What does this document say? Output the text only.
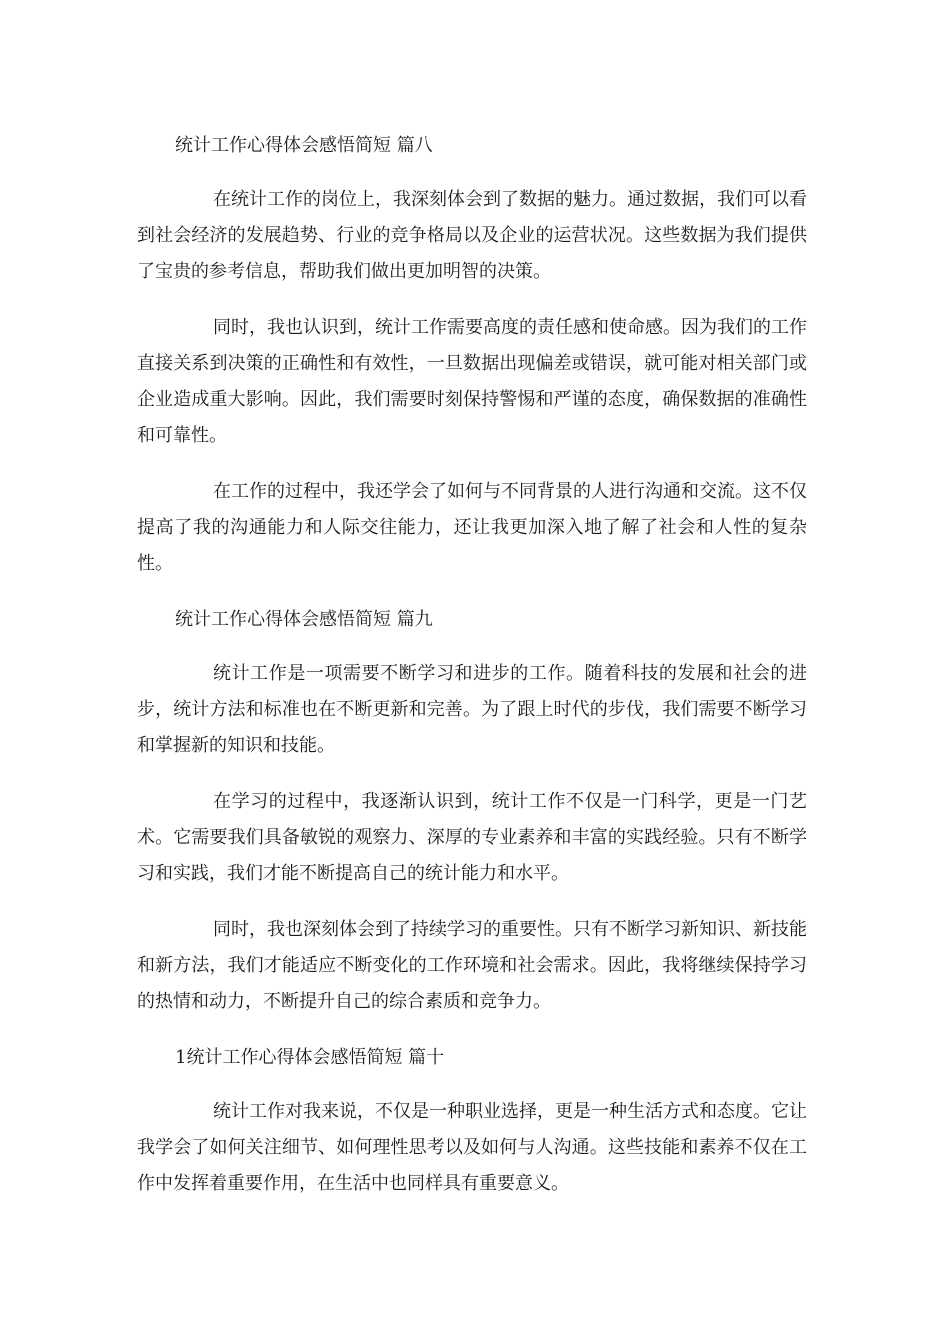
统计工作心得体会感悟简短 篇八

在统计工作的岗位上，我深刻体会到了数据的魅力。通过数据，我们可以看到社会经济的发展趋势、行业的竞争格局以及企业的运营状况。这些数据为我们提供了宝贵的参考信息，帮助我们做出更加明智的决策。

同时，我也认识到，统计工作需要高度的责任感和使命感。因为我们的工作直接关系到决策的正确性和有效性，一旦数据出现偏差或错误，就可能对相关部门或企业造成重大影响。因此，我们需要时刻保持警惕和严谨的态度，确保数据的准确性和可靠性。

在工作的过程中，我还学会了如何与不同背景的人进行沟通和交流。这不仅提高了我的沟通能力和人际交往能力，还让我更加深入地了解了社会和人性的复杂性。

统计工作心得体会感悟简短 篇九

统计工作是一项需要不断学习和进步的工作。随着科技的发展和社会的进步，统计方法和标准也在不断更新和完善。为了跟上时代的步伐，我们需要不断学习和掌握新的知识和技能。

在学习的过程中，我逐渐认识到，统计工作不仅是一门科学，更是一门艺术。它需要我们具备敏锐的观察力、深厚的专业素养和丰富的实践经验。只有不断学习和实践，我们才能不断提高自己的统计能力和水平。

同时，我也深刻体会到了持续学习的重要性。只有不断学习新知识、新技能和新方法，我们才能适应不断变化的工作环境和社会需求。因此，我将继续保持学习的热情和动力，不断提升自己的综合素质和竞争力。

1统计工作心得体会感悟简短 篇十

统计工作对我来说，不仅是一种职业选择，更是一种生活方式和态度。它让我学会了如何关注细节、如何理性思考以及如何与人沟通。这些技能和素养不仅在工作中发挥着重要作用，在生活中也同样具有重要意义。
